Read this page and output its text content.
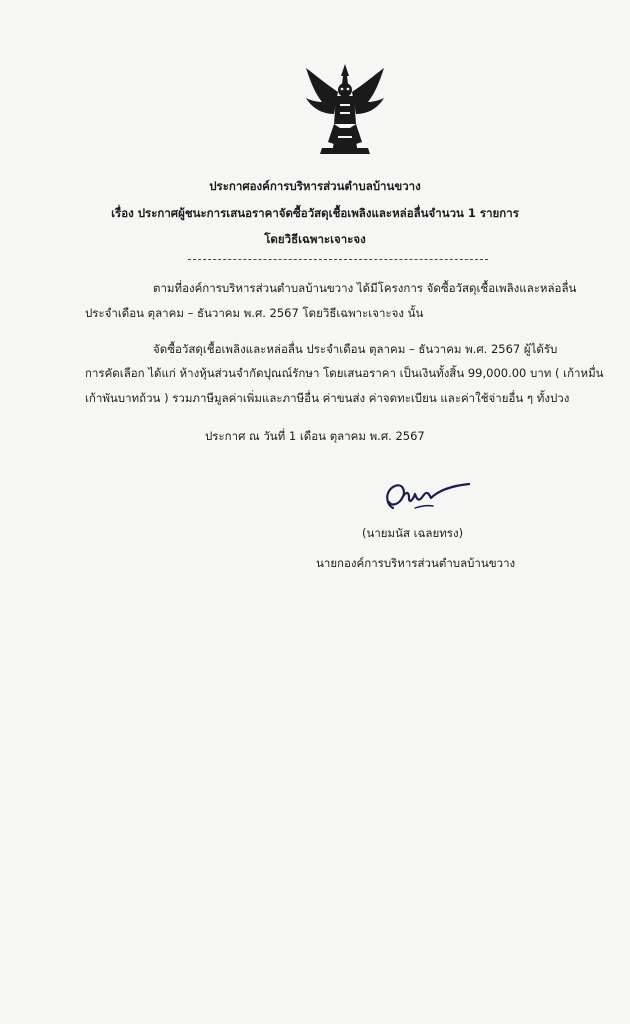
ประกาศองค์การบริหารส่วนตำบลบ้านขวาง
เรื่อง ประกาศผู้ชนะการเสนอราคาจัดซื้อวัสดุเชื้อเพลิงและหล่อลื่นจำนวน 1 รายการ
โดยวิธีเฉพาะเจาะจง
ตามที่องค์การบริหารส่วนตำบลบ้านขวาง ได้มีโครงการ จัดซื้อวัสดุเชื้อเพลิงและหล่อลื่น
ประจำเดือน ตุลาคม – ธันวาคม พ.ศ. 2567 โดยวิธีเฉพาะเจาะจง นั้น
จัดซื้อวัสดุเชื้อเพลิงและหล่อลื่น ประจำเดือน ตุลาคม – ธันวาคม พ.ศ. 2567 ผู้ได้รับ
การคัดเลือก ได้แก่ ห้างหุ้นส่วนจำกัดปุณณ์รักษา โดยเสนอราคา เป็นเงินทั้งสิ้น 99,000.00 บาท ( เก้าหมื่น
เก้าพันบาทถ้วน ) รวมภาษีมูลค่าเพิ่มและภาษีอื่น ค่าขนส่ง ค่าจดทะเบียน และค่าใช้จ่ายอื่น ๆ ทั้งปวง
ประกาศ ณ วันที่ 1 เดือน ตุลาคม พ.ศ. 2567
(นายมนัส เฉลยทรง)
นายกองค์การบริหารส่วนตำบลบ้านขวาง
